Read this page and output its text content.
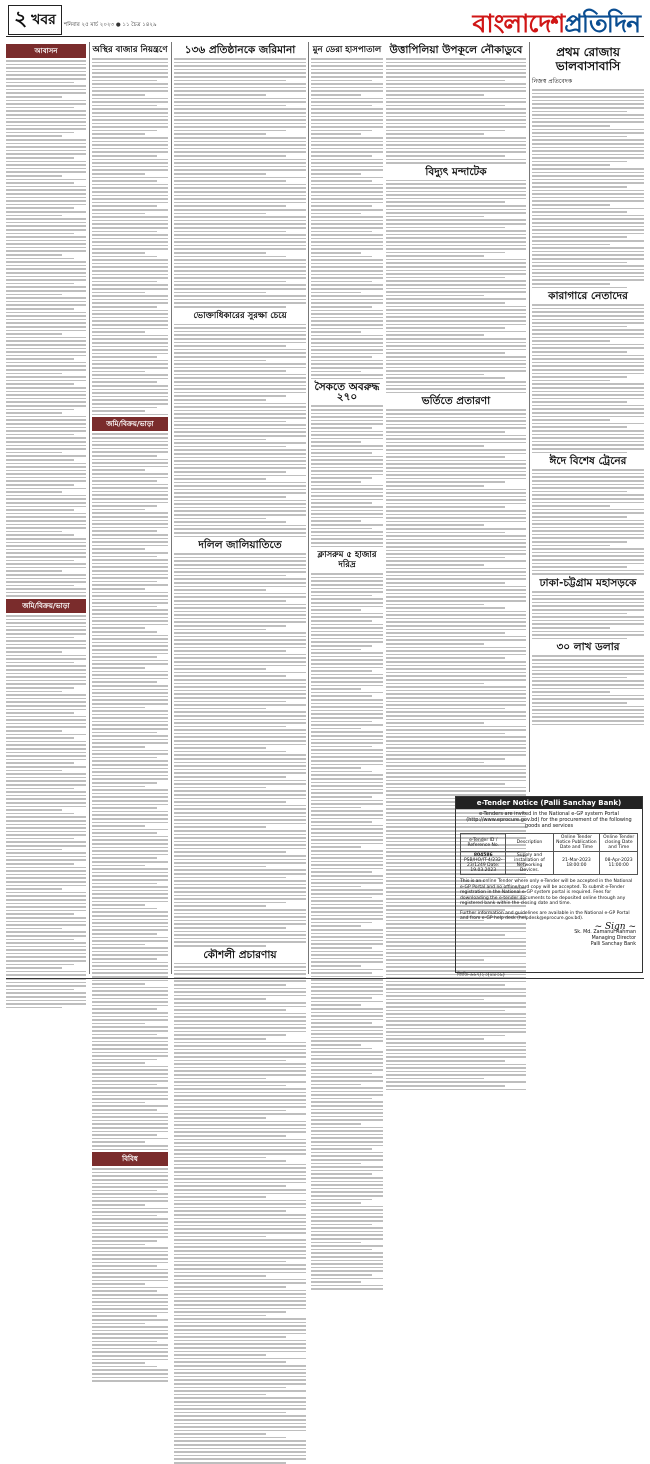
২ খবর শনিবার ২৫ মার্চ ২০২৩ ● ১১ চৈত্র ১৪২৯	বাংলাদেশপ্রতিদিন
আবাসন
জমি/বিক্রয়/ভাড়া
অস্থির বাজার নিয়ন্ত্রণে
জমি/বিক্রয়/ভাড়া
বিবিধ
১৩৬ প্রতিষ্ঠানকে জরিমানা
ভোক্তাধিকারের সুরক্ষা চেয়ে
দলিল জালিয়াতিতে
কৌশলী প্রচারণায়
মুন ডেরা হাসপাতাল
সৈকতে অবরুদ্ধ ২৭০
ক্লাসরুম ৫ হাজার দরিদ্র
উত্তাপিলিয়া উপকূলে নৌকাডুবে
বিদ্যুৎ মন্দাটেক
ভর্তিতে প্রতারণা
প্রথম রোজায় ভালবাসাবাসি
নিজস্ব প্রতিবেদক
কারাগারে নেতাদের
ঈদে বিশেষ ট্রেনের
ঢাকা-চট্টগ্রাম মহাসড়কে
৩০ লাখ ডলার
e-Tender Notice (Palli Sanchay Bank)
e-Tenders are invited in the National e-GP system Portal (http://www.eprocure.gov.bd) for the procurement of the following goods and services
e-Tender ID / Reference No.	Description	Online Tender Notice Publication Date and Time	Online Tender closing Date and Time
804586
PSB/HO/IT-4/232-23/1249 Date: 19.03.2023	Supply and installation of Networking Devices.	21-Mar-2023 18:00:00	08-Apr-2023 11:00:00
This is an online Tender where only e-Tender will be accepted in the National e-GP Portal and no offline/hard copy will be accepted. To submit e-Tender registration in the National e-GP system portal is required. Fees for downloading the e-tender documents to be deposited online through any registered bank within the closing date and time.
Further information and guidelines are available in the National e-GP Portal and from e-GP help desk (helpdesk@eprocure.gov.bd).
~ Sign ~
Sk. Md. Zamanul Rahman
Managing Director
Palli Sanchay Bank
জিডি-৬৬৭/২৩(৪৪৩৯)
